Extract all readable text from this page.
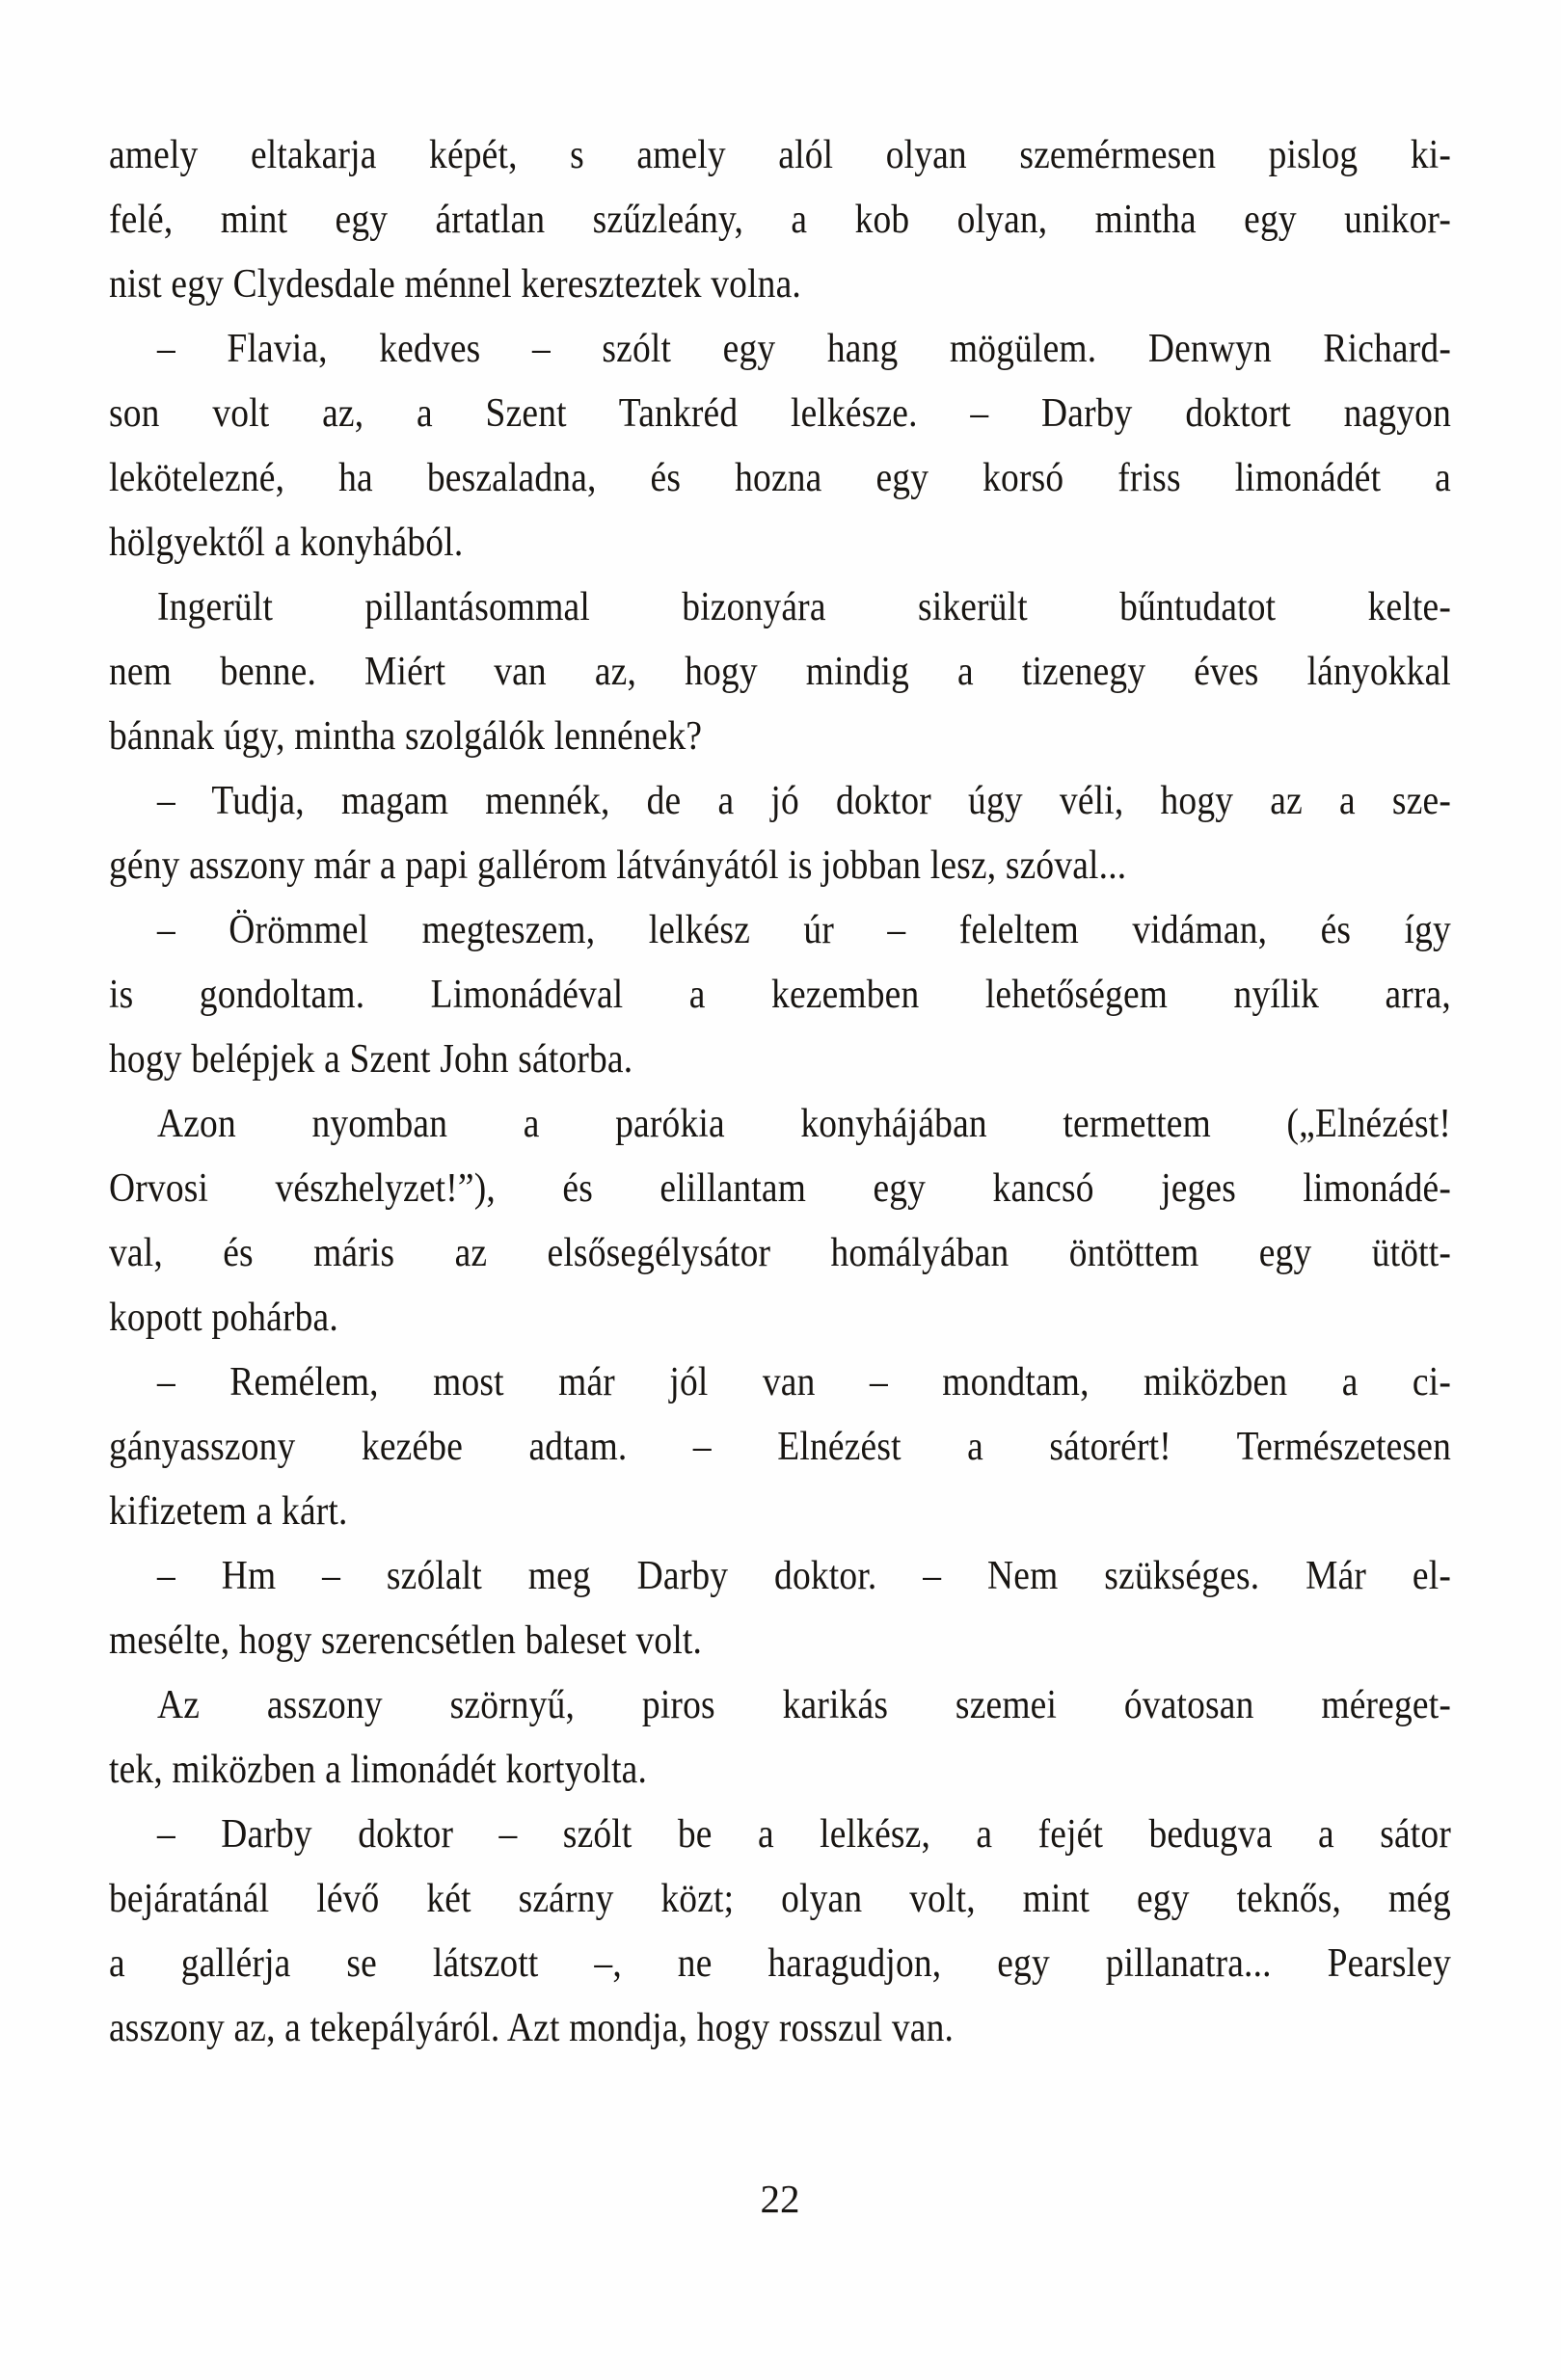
amely eltakarja képét, s amely alól olyan szemérmesen pislog ki-
felé, mint egy ártatlan szűzleány, a kob olyan, mintha egy unikor-
nist egy Clydesdale ménnel kereszteztek volna.
– Flavia, kedves – szólt egy hang mögülem. Denwyn Richard-
son volt az, a Szent Tankréd lelkésze. – Darby doktort nagyon
lekötelezné, ha beszaladna, és hozna egy korsó friss limonádét a
hölgyektől a konyhából.
Ingerült pillantásommal bizonyára sikerült bűntudatot kelte-
nem benne. Miért van az, hogy mindig a tizenegy éves lányokkal
bánnak úgy, mintha szolgálók lennének?
– Tudja, magam mennék, de a jó doktor úgy véli, hogy az a sze-
gény asszony már a papi gallérom látványától is jobban lesz, szóval...
– Örömmel megteszem, lelkész úr – feleltem vidáman, és így
is gondoltam. Limonádéval a kezemben lehetőségem nyílik arra,
hogy belépjek a Szent John sátorba.
Azon nyomban a parókia konyhájában termettem („Elnézést!
Orvosi vészhelyzet!”), és elillantam egy kancsó jeges limonádé-
val, és máris az elsősegélysátor homályában öntöttem egy ütött-
kopott pohárba.
– Remélem, most már jól van – mondtam, miközben a ci-
gányasszony kezébe adtam. – Elnézést a sátorért! Természetesen
kifizetem a kárt.
– Hm – szólalt meg Darby doktor. – Nem szükséges. Már el-
mesélte, hogy szerencsétlen baleset volt.
Az asszony szörnyű, piros karikás szemei óvatosan méreget-
tek, miközben a limonádét kortyolta.
– Darby doktor – szólt be a lelkész, a fejét bedugva a sátor
bejáratánál lévő két szárny közt; olyan volt, mint egy teknős, még
a gallérja se látszott –, ne haragudjon, egy pillanatra... Pearsley
asszony az, a tekepályáról. Azt mondja, hogy rosszul van.
22
